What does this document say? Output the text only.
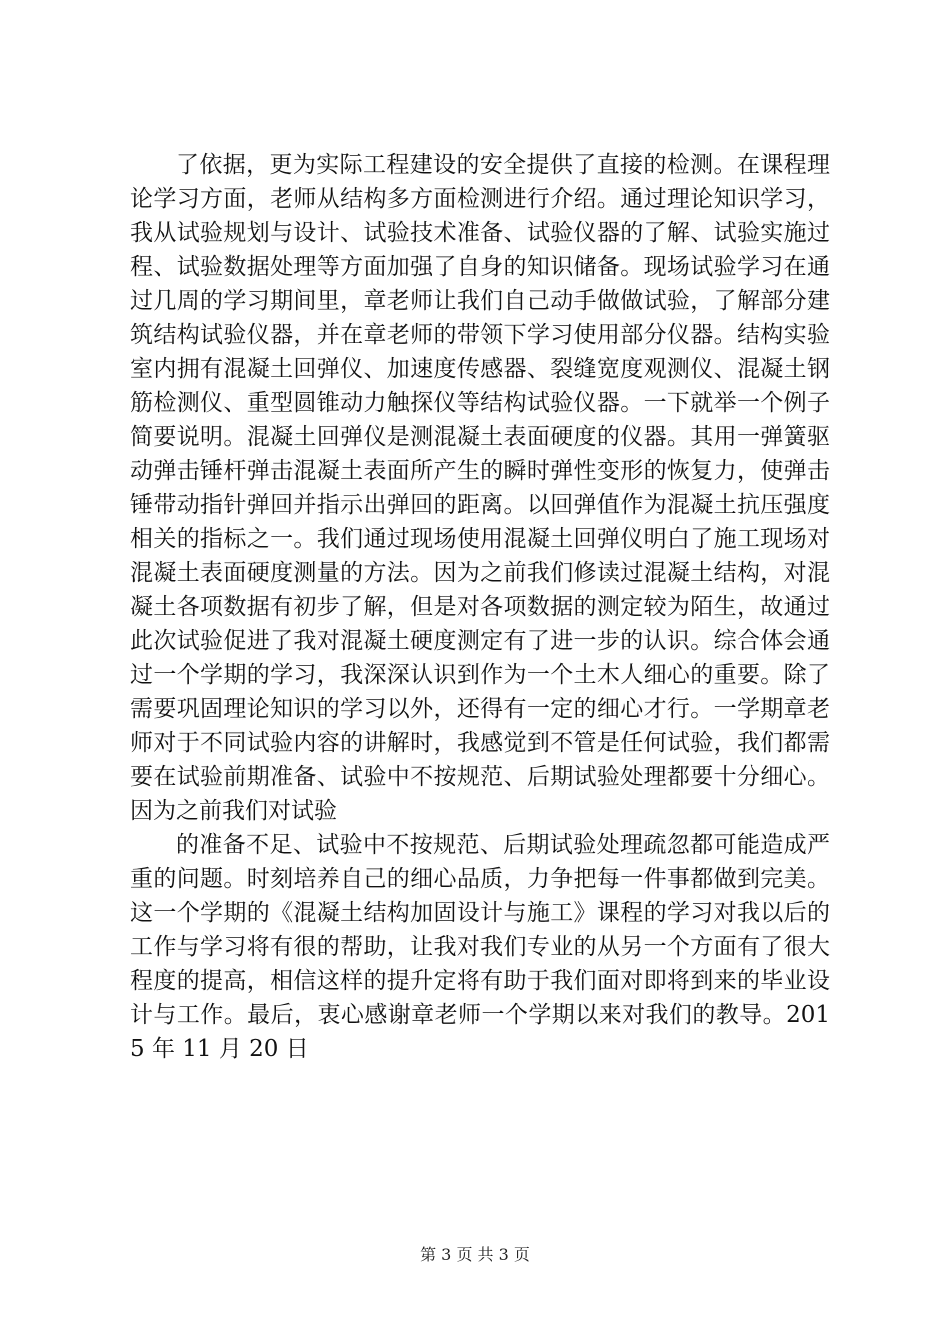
了依据，更为实际工程建设的安全提供了直接的检测。在课程理论学习方面，老师从结构多方面检测进行介绍。通过理论知识学习，我从试验规划与设计、试验技术准备、试验仪器的了解、试验实施过程、试验数据处理等方面加强了自身的知识储备。现场试验学习在通过几周的学习期间里，章老师让我们自己动手做做试验，了解部分建筑结构试验仪器，并在章老师的带领下学习使用部分仪器。结构实验室内拥有混凝土回弹仪、加速度传感器、裂缝宽度观测仪、混凝土钢筋检测仪、重型圆锥动力触探仪等结构试验仪器。一下就举一个例子简要说明。混凝土回弹仪是测混凝土表面硬度的仪器。其用一弹簧驱动弹击锤杆弹击混凝土表面所产生的瞬时弹性变形的恢复力，使弹击锤带动指针弹回并指示出弹回的距离。以回弹值作为混凝土抗压强度相关的指标之一。我们通过现场使用混凝土回弹仪明白了施工现场对混凝土表面硬度测量的方法。因为之前我们修读过混凝土结构，对混凝土各项数据有初步了解，但是对各项数据的测定较为陌生，故通过此次试验促进了我对混凝土硬度测定有了进一步的认识。综合体会通过一个学期的学习，我深深认识到作为一个土木人细心的重要。除了需要巩固理论知识的学习以外，还得有一定的细心才行。一学期章老师对于不同试验内容的讲解时，我感觉到不管是任何试验，我们都需要在试验前期准备、试验中不按规范、后期试验处理都要十分细心。因为之前我们对试验

的准备不足、试验中不按规范、后期试验处理疏忽都可能造成严重的问题。时刻培养自己的细心品质，力争把每一件事都做到完美。这一个学期的《混凝土结构加固设计与施工》课程的学习对我以后的工作与学习将有很的帮助，让我对我们专业的从另一个方面有了很大程度的提高，相信这样的提升定将有助于我们面对即将到来的毕业设计与工作。最后，衷心感谢章老师一个学期以来对我们的教导。2015 年 11 月 20 日

第 3 页 共 3 页
